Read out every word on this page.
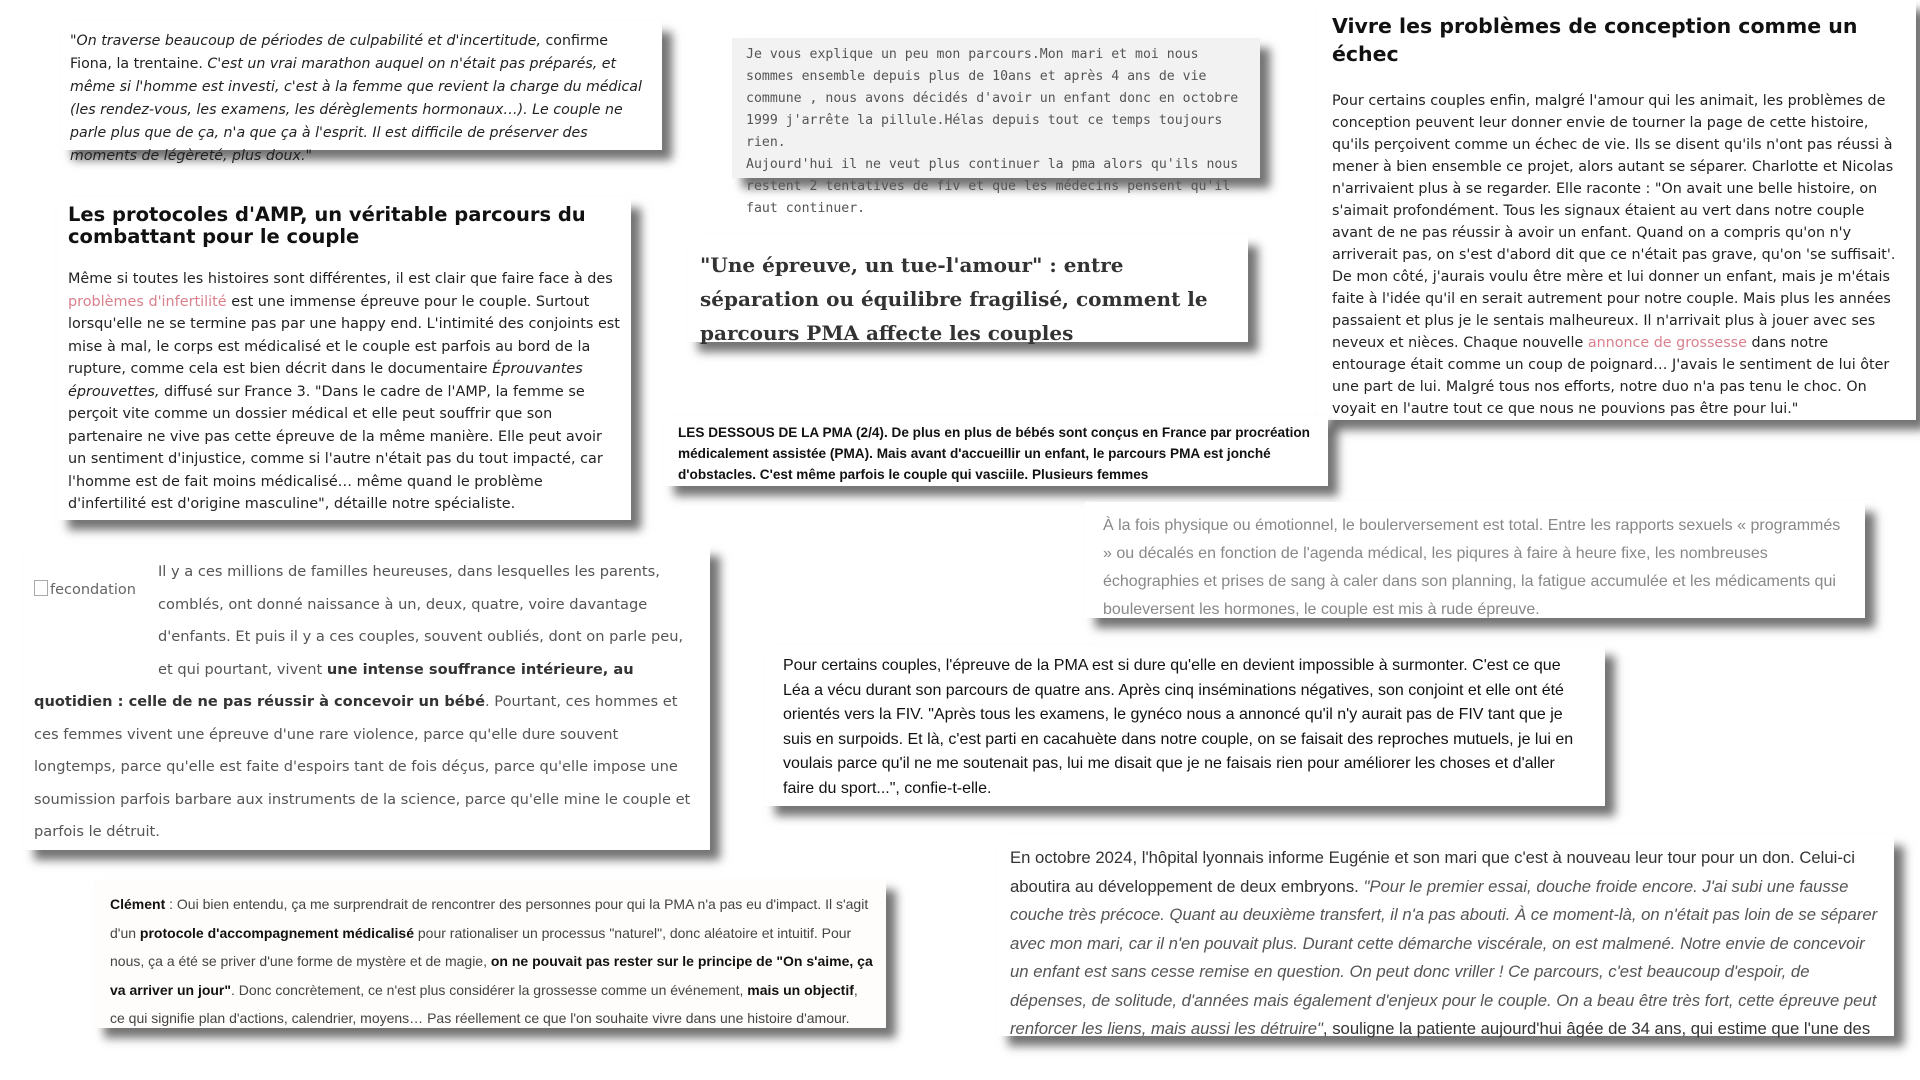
"On traverse beaucoup de périodes de culpabilité et d'incertitude, confirme Fiona, la trentaine. C'est un vrai marathon auquel on n'était pas préparés, et même si l'homme est investi, c'est à la femme que revient la charge du médical (les rendez-vous, les examens, les dérèglements hormonaux…). Le couple ne parle plus que de ça, n'a que ça à l'esprit. Il est difficile de préserver des moments de légèreté, plus doux."

Je vous explique un peu mon parcours.Mon mari et moi nous sommes ensemble depuis plus de 10ans et après 4 ans de vie commune , nous avons décidés d'avoir un enfant donc en octobre 1999 j'arrête la pillule.Hélas depuis tout ce temps toujours rien.

Aujourd'hui il ne veut plus continuer la pma alors qu'ils nous restent 2 tentatives de fiv et que les médecins pensent qu'il faut continuer.

Vivre les problèmes de conception comme un échec

Pour certains couples enfin, malgré l'amour qui les animait, les problèmes de conception peuvent leur donner envie de tourner la page de cette histoire, qu'ils perçoivent comme un échec de vie. Ils se disent qu'ils n'ont pas réussi à mener à bien ensemble ce projet, alors autant se séparer. Charlotte et Nicolas n'arrivaient plus à se regarder. Elle raconte : "On avait une belle histoire, on s'aimait profondément. Tous les signaux étaient au vert dans notre couple avant de ne pas réussir à avoir un enfant. Quand on a compris qu'on n'y arriverait pas, on s'est d'abord dit que ce n'était pas grave, qu'on 'se suffisait'. De mon côté, j'aurais voulu être mère et lui donner un enfant, mais je m'étais faite à l'idée qu'il en serait autrement pour notre couple. Mais plus les années passaient et plus je le sentais malheureux. Il n'arrivait plus à jouer avec ses neveux et nièces. Chaque nouvelle annonce de grossesse dans notre entourage était comme un coup de poignard… J'avais le sentiment de lui ôter une part de lui. Malgré tous nos efforts, notre duo n'a pas tenu le choc. On voyait en l'autre tout ce que nous ne pouvions pas être pour lui."

Les protocoles d'AMP, un véritable parcours du combattant pour le couple

Même si toutes les histoires sont différentes, il est clair que faire face à des problèmes d'infertilité est une immense épreuve pour le couple. Surtout lorsqu'elle ne se termine pas par une happy end. L'intimité des conjoints est mise à mal, le corps est médicalisé et le couple est parfois au bord de la rupture, comme cela est bien décrit dans le documentaire Éprouvantes éprouvettes, diffusé sur France 3. "Dans le cadre de l'AMP, la femme se perçoit vite comme un dossier médical et elle peut souffrir que son partenaire ne vive pas cette épreuve de la même manière. Elle peut avoir un sentiment d'injustice, comme si l'autre n'était pas du tout impacté, car l'homme est de fait moins médicalisé… même quand le problème d'infertilité est d'origine masculine", détaille notre spécialiste.

"Une épreuve, un tue-l'amour" : entre séparation ou équilibre fragilisé, comment le parcours PMA affecte les couples

LES DESSOUS DE LA PMA (2/4). De plus en plus de bébés sont conçus en France par procréation médicalement assistée (PMA). Mais avant d'accueillir un enfant, le parcours PMA est jonché d'obstacles. C'est même parfois le couple qui vasciile. Plusieurs femmes

À la fois physique ou émotionnel, le boulerversement est total. Entre les rapports sexuels « programmés » ou décalés en fonction de l'agenda médical, les piqures à faire à heure fixe, les nombreuses échographies et prises de sang à caler dans son planning, la fatigue accumulée et les médicaments qui bouleversent les hormones, le couple est mis à rude épreuve.

fecondation

Il y a ces millions de familles heureuses, dans lesquelles les parents, comblés, ont donné naissance à un, deux, quatre, voire davantage d'enfants. Et puis il y a ces couples, souvent oubliés, dont on parle peu, et qui pourtant, vivent une intense souffrance intérieure, au quotidien : celle de ne pas réussir à concevoir un bébé. Pourtant, ces hommes et ces femmes vivent une épreuve d'une rare violence, parce qu'elle dure souvent longtemps, parce qu'elle est faite d'espoirs tant de fois déçus, parce qu'elle impose une soumission parfois barbare aux instruments de la science, parce qu'elle mine le couple et parfois le détruit.

Pour certains couples, l'épreuve de la PMA est si dure qu'elle en devient impossible à surmonter. C'est ce que Léa a vécu durant son parcours de quatre ans. Après cinq inséminations négatives, son conjoint et elle ont été orientés vers la FIV. "Après tous les examens, le gynéco nous a annoncé qu'il n'y aurait pas de FIV tant que je suis en surpoids. Et là, c'est parti en cacahuète dans notre couple, on se faisait des reproches mutuels, je lui en voulais parce qu'il ne me soutenait pas, lui me disait que je ne faisais rien pour améliorer les choses et d'aller faire du sport...", confie-t-elle.

Clément : Oui bien entendu, ça me surprendrait de rencontrer des personnes pour qui la PMA n'a pas eu d'impact. Il s'agit d'un protocole d'accompagnement médicalisé pour rationaliser un processus "naturel", donc aléatoire et intuitif. Pour nous, ça a été se priver d'une forme de mystère et de magie, on ne pouvait pas rester sur le principe de "On s'aime, ça va arriver un jour". Donc concrètement, ce n'est plus considérer la grossesse comme un événement, mais un objectif, ce qui signifie plan d'actions, calendrier, moyens… Pas réellement ce que l'on souhaite vivre dans une histoire d'amour.

En octobre 2024, l'hôpital lyonnais informe Eugénie et son mari que c'est à nouveau leur tour pour un don. Celui-ci aboutira au développement de deux embryons. "Pour le premier essai, douche froide encore. J'ai subi une fausse couche très précoce. Quant au deuxième transfert, il n'a pas abouti. À ce moment-là, on n'était pas loin de se séparer avec mon mari, car il n'en pouvait plus. Durant cette démarche viscérale, on est malmené. Notre envie de concevoir un enfant est sans cesse remise en question. On peut donc vriller ! Ce parcours, c'est beaucoup d'espoir, de dépenses, de solitude, d'années mais également d'enjeux pour le couple. On a beau être très fort, cette épreuve peut renforcer les liens, mais aussi les détruire", souligne la patiente aujourd'hui âgée de 34 ans, qui estime que l'une des
